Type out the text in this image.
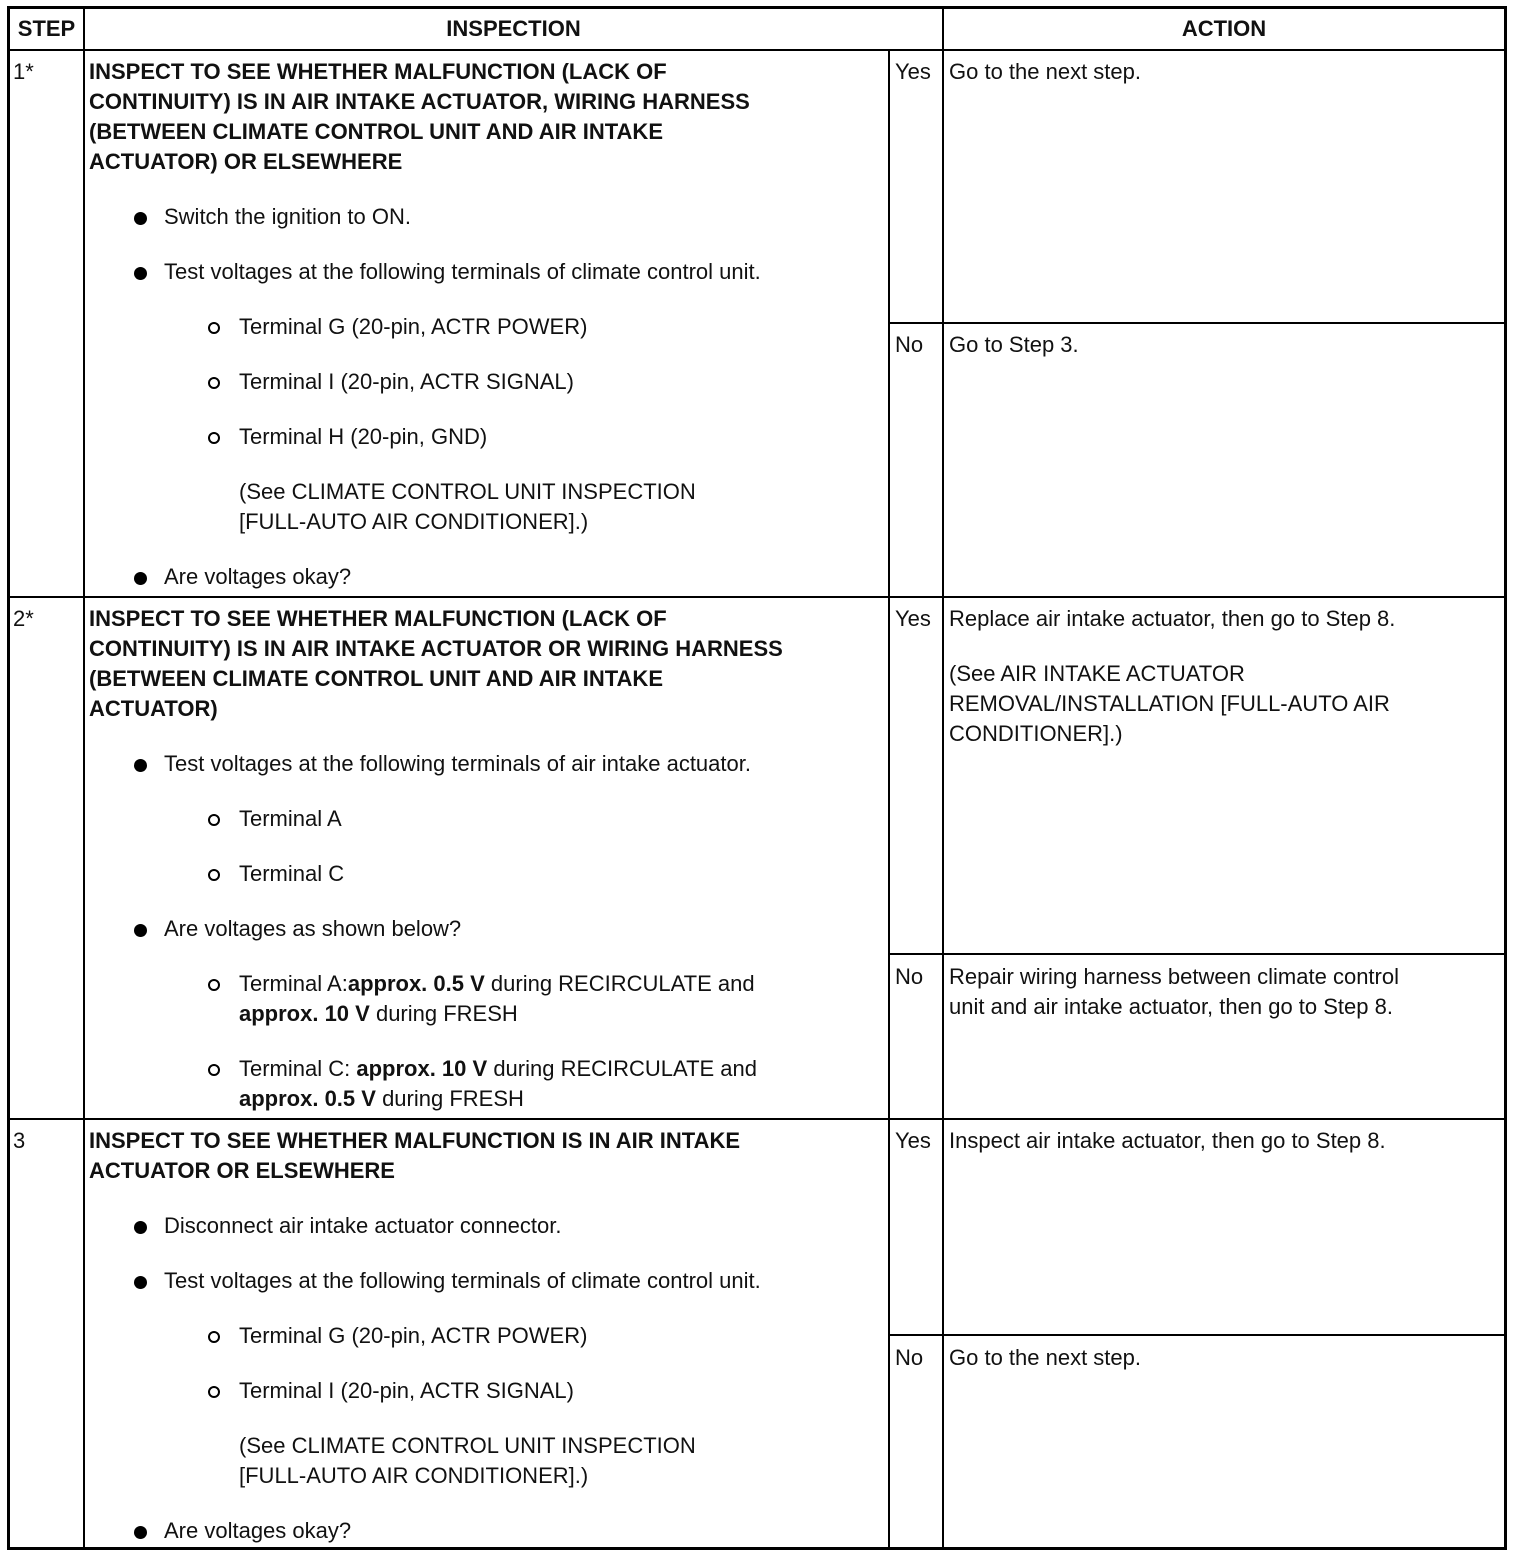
STEP	INSPECTION	ACTION
1*	INSPECT TO SEE WHETHER MALFUNCTION (LACK OF
CONTINUITY) IS IN AIR INTAKE ACTUATOR, WIRING HARNESS
(BETWEEN CLIMATE CONTROL UNIT AND AIR INTAKE
ACTUATOR) OR ELSEWHERE
Switch the ignition to ON.
Test voltages at the following terminals of climate control unit.
Terminal G (20-pin, ACTR POWER)
Terminal I (20-pin, ACTR SIGNAL)
Terminal H (20-pin, GND)
(See CLIMATE CONTROL UNIT INSPECTION
[FULL-AUTO AIR CONDITIONER].)
Are voltages okay?
Yes Go to the next step.
No Go to Step 3.
2*	INSPECT TO SEE WHETHER MALFUNCTION (LACK OF
CONTINUITY) IS IN AIR INTAKE ACTUATOR OR WIRING HARNESS
(BETWEEN CLIMATE CONTROL UNIT AND AIR INTAKE
ACTUATOR)
Test voltages at the following terminals of air intake actuator.
Terminal A
Terminal C
Are voltages as shown below?
Terminal A:approx. 0.5 V during RECIRCULATE and
approx. 10 V during FRESH
Terminal C: approx. 10 V during RECIRCULATE and
approx. 0.5 V during FRESH
Yes Replace air intake actuator, then go to Step 8.
(See AIR INTAKE ACTUATOR
REMOVAL/INSTALLATION [FULL-AUTO AIR
CONDITIONER].)
No Repair wiring harness between climate control
unit and air intake actuator, then go to Step 8.
3	INSPECT TO SEE WHETHER MALFUNCTION IS IN AIR INTAKE
ACTUATOR OR ELSEWHERE
Disconnect air intake actuator connector.
Test voltages at the following terminals of climate control unit.
Terminal G (20-pin, ACTR POWER)
Terminal I (20-pin, ACTR SIGNAL)
(See CLIMATE CONTROL UNIT INSPECTION
[FULL-AUTO AIR CONDITIONER].)
Are voltages okay?
Yes Inspect air intake actuator, then go to Step 8.
No Go to the next step.
